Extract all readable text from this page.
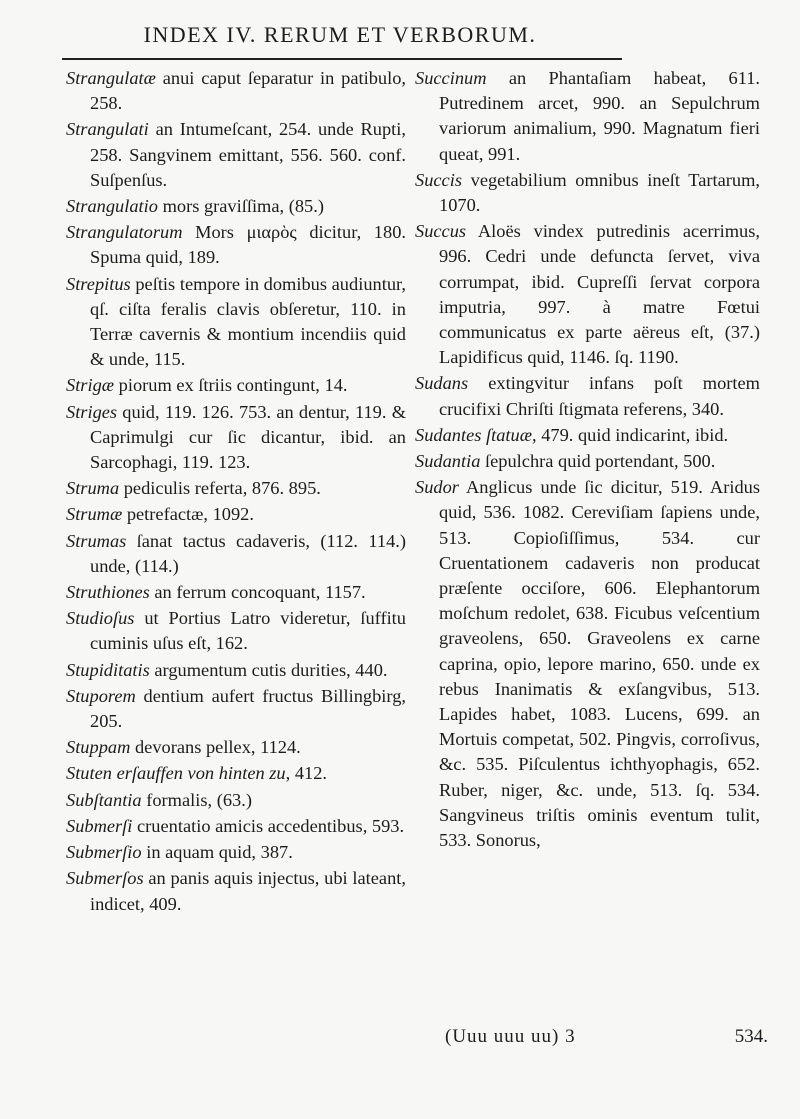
INDEX IV. RERUM ET VERBORUM.
Strangulatæ anui caput ſeparatur in patibulo, 258.
Strangulati an Intumeſcant, 254. unde Rupti, 258. Sangvinem emittant, 556. 560. conf. Suſpenſus.
Strangulatio mors graviſſima, (85.)
Strangulatorum Mors μιαρὸς dicitur, 180. Spuma quid, 189.
Strepitus peſtis tempore in domibus audiuntur, qſ. ciſta feralis clavis obſeretur, 110. in Terræ cavernis & montium incendiis quid & unde, 115.
Strigæ piorum ex ſtriis contingunt, 14.
Striges quid, 119. 126. 753. an dentur, 119. & Caprimulgi cur ſic dicantur, ibid. an Sarcophagi, 119. 123.
Struma pediculis referta, 876. 895.
Strumæ petrefactæ, 1092.
Strumas ſanat tactus cadaveris, (112. 114.) unde, (114.)
Struthiones an ferrum concoquant, 1157.
Studioſus ut Portius Latro videretur, ſuffitu cuminis uſus eſt, 162.
Stupiditatis argumentum cutis durities, 440.
Stuporem dentium aufert fructus Billingbirg, 205.
Stuppam devorans pellex, 1124.
Stuten erſauffen von hinten zu, 412.
Subſtantia formalis, (63.)
Submerſi cruentatio amicis accedentibus, 593.
Submerſio in aquam quid, 387.
Submerſos an panis aquis injectus, ubi lateant, indicet, 409.
Succinum an Phantaſiam habeat, 611. Putredinem arcet, 990. an Sepulchrum variorum animalium, 990. Magnatum fieri queat, 991.
Succis vegetabilium omnibus ineſt Tartarum, 1070.
Succus Aloës vindex putredinis acerrimus, 996. Cedri unde defuncta ſervet, viva corrumpat, ibid. Cupreſſi ſervat corpora imputria, 997. à matre Fœtui communicatus ex parte aëreus eſt, (37.) Lapidificus quid, 1146. ſq. 1190.
Sudans extingvitur infans poſt mortem crucifixi Chriſti ſtigmata referens, 340.
Sudantes ſtatuæ, 479. quid indicarint, ibid.
Sudantia ſepulchra quid portendant, 500.
Sudor Anglicus unde ſic dicitur, 519. Aridus quid, 536. 1082. Cereviſiam ſapiens unde, 513. Copioſiſſimus, 534. cur Cruentationem cadaveris non producat præſente occiſore, 606. Elephantorum moſchum redolet, 638. Ficubus veſcentium graveolens, 650. Graveolens ex carne caprina, opio, lepore marino, 650. unde ex rebus Inanimatis & exſangvibus, 513. Lapides habet, 1083. Lucens, 699. an Mortuis competat, 502. Pingvis, corroſivus, &c. 535. Piſculentus ichthyophagis, 652. Ruber, niger, &c. unde, 513. ſq. 534. Sangvineus triſtis ominis eventum tulit, 533. Sonorus,
(Uuu uuu uu) 3	534.
